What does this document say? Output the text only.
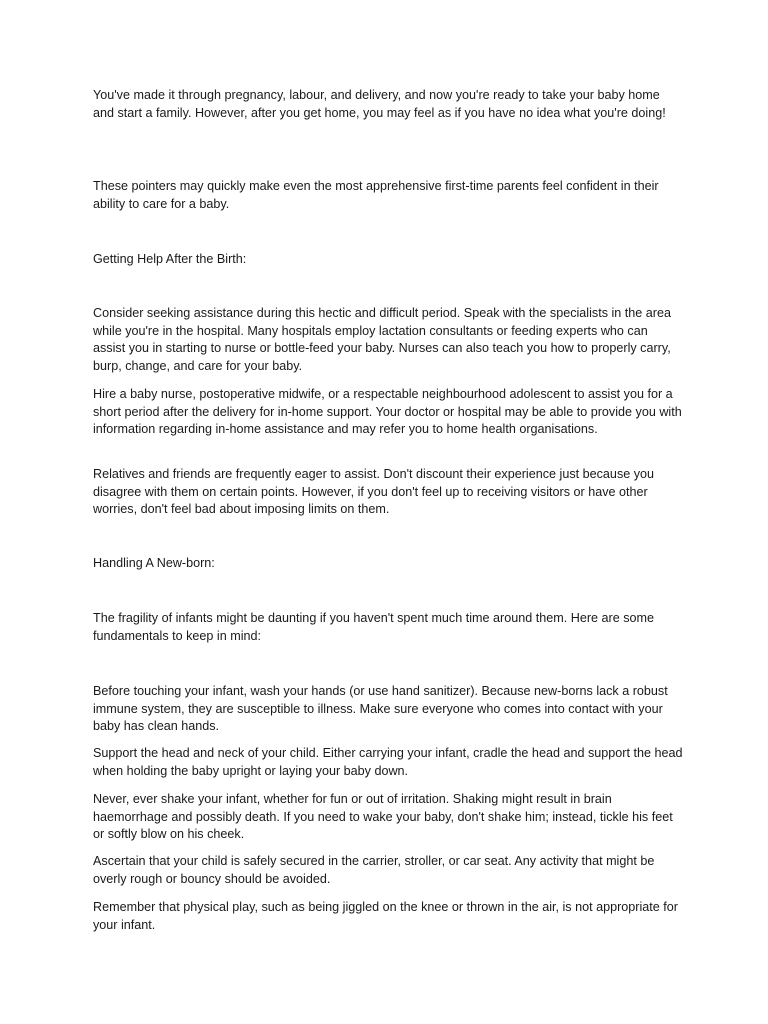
You've made it through pregnancy, labour, and delivery, and now you're ready to take your baby home and start a family. However, after you get home, you may feel as if you have no idea what you're doing!

These pointers may quickly make even the most apprehensive first-time parents feel confident in their ability to care for a baby.

Getting Help After the Birth:

Consider seeking assistance during this hectic and difficult period. Speak with the specialists in the area while you're in the hospital. Many hospitals employ lactation consultants or feeding experts who can assist you in starting to nurse or bottle-feed your baby. Nurses can also teach you how to properly carry, burp, change, and care for your baby.

Hire a baby nurse, postoperative midwife, or a respectable neighbourhood adolescent to assist you for a short period after the delivery for in-home support. Your doctor or hospital may be able to provide you with information regarding in-home assistance and may refer you to home health organisations.

Relatives and friends are frequently eager to assist. Don't discount their experience just because you disagree with them on certain points. However, if you don't feel up to receiving visitors or have other worries, don't feel bad about imposing limits on them.

Handling A New-born:

The fragility of infants might be daunting if you haven't spent much time around them. Here are some fundamentals to keep in mind:

Before touching your infant, wash your hands (or use hand sanitizer). Because new-borns lack a robust immune system, they are susceptible to illness. Make sure everyone who comes into contact with your baby has clean hands.

Support the head and neck of your child. Either carrying your infant, cradle the head and support the head when holding the baby upright or laying your baby down.

Never, ever shake your infant, whether for fun or out of irritation. Shaking might result in brain haemorrhage and possibly death. If you need to wake your baby, don't shake him; instead, tickle his feet or softly blow on his cheek.

Ascertain that your child is safely secured in the carrier, stroller, or car seat. Any activity that might be overly rough or bouncy should be avoided.

Remember that physical play, such as being jiggled on the knee or thrown in the air, is not appropriate for your infant.
